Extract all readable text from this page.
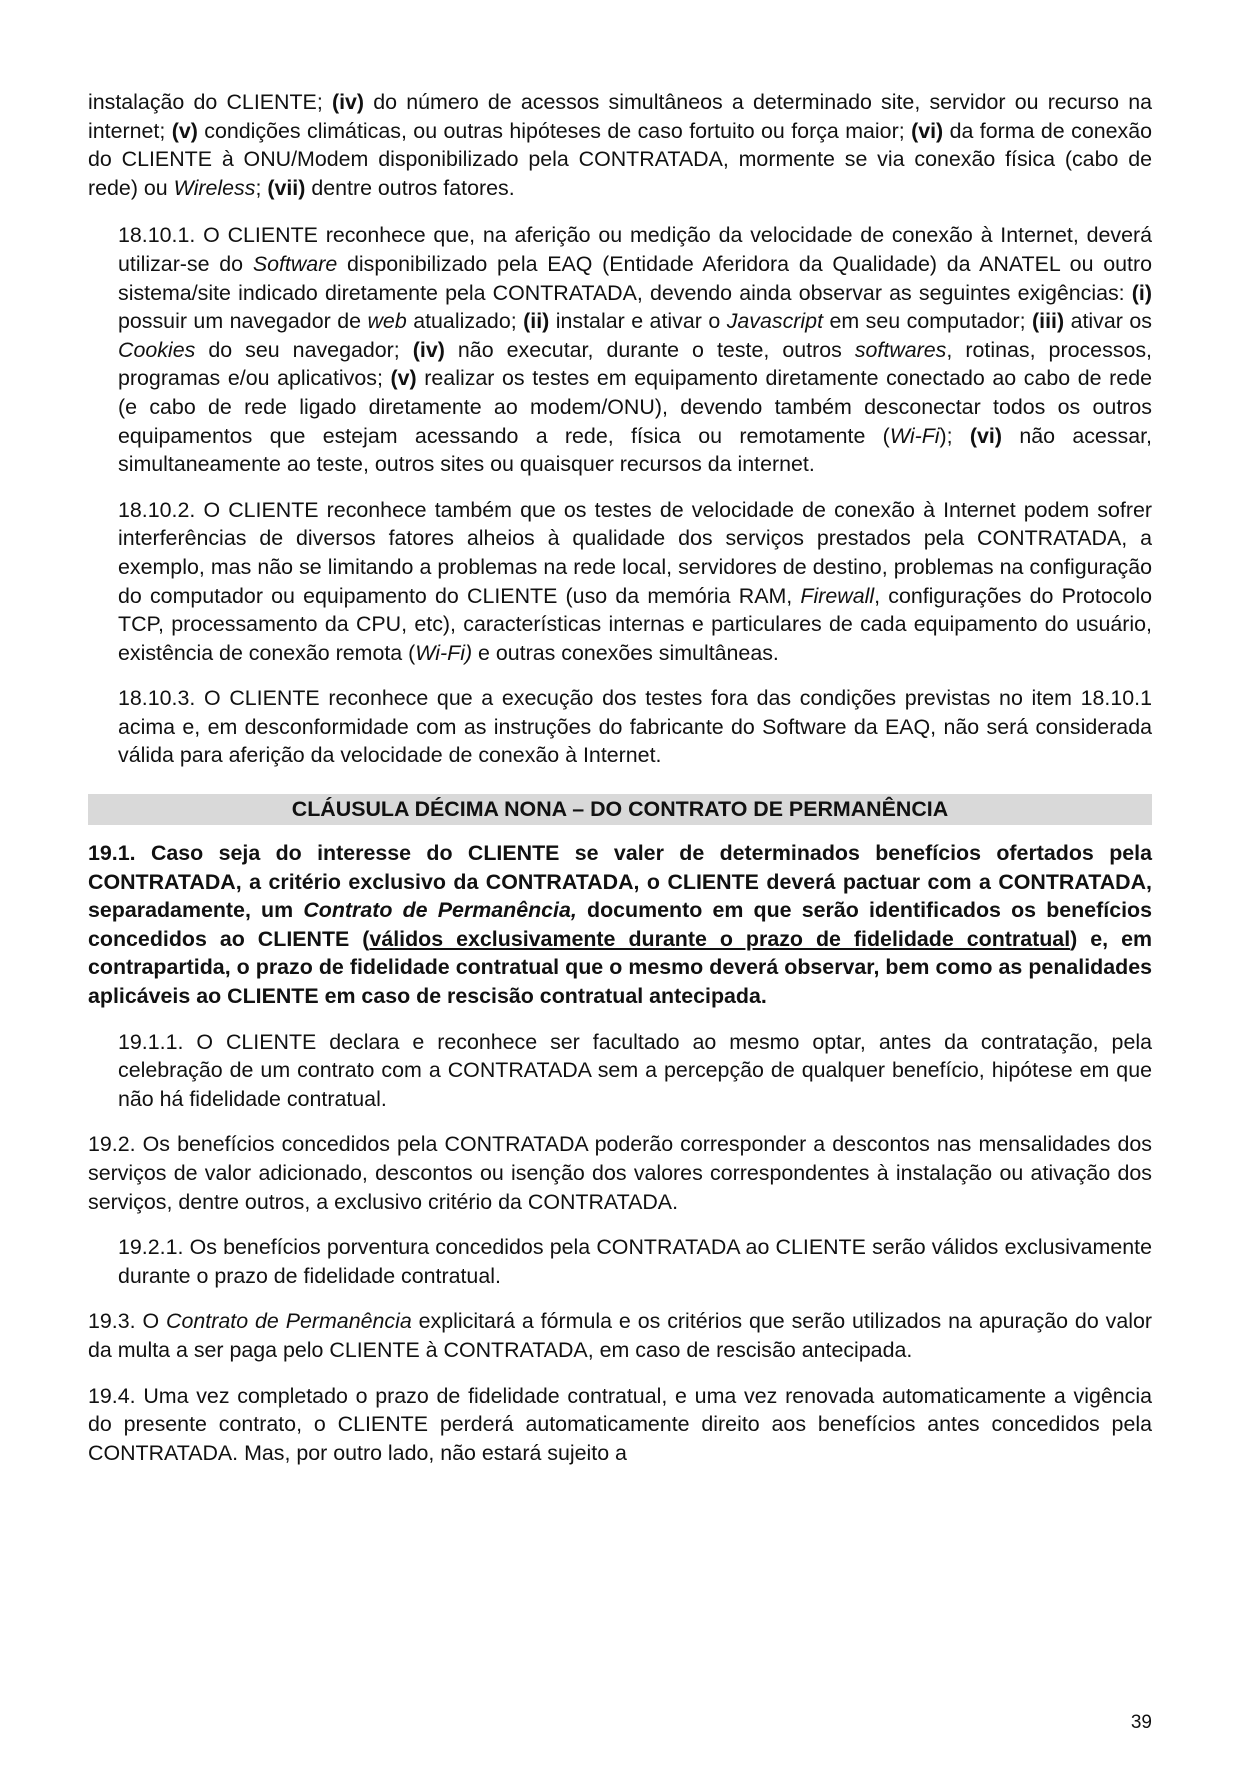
instalação do CLIENTE; (iv) do número de acessos simultâneos a determinado site, servidor ou recurso na internet; (v) condições climáticas, ou outras hipóteses de caso fortuito ou força maior; (vi) da forma de conexão do CLIENTE à ONU/Modem disponibilizado pela CONTRATADA, mormente se via conexão física (cabo de rede) ou Wireless; (vii) dentre outros fatores.

18.10.1. O CLIENTE reconhece que, na aferição ou medição da velocidade de conexão à Internet, deverá utilizar-se do Software disponibilizado pela EAQ (Entidade Aferidora da Qualidade) da ANATEL ou outro sistema/site indicado diretamente pela CONTRATADA, devendo ainda observar as seguintes exigências: (i) possuir um navegador de web atualizado; (ii) instalar e ativar o Javascript em seu computador; (iii) ativar os Cookies do seu navegador; (iv) não executar, durante o teste, outros softwares, rotinas, processos, programas e/ou aplicativos; (v) realizar os testes em equipamento diretamente conectado ao cabo de rede (e cabo de rede ligado diretamente ao modem/ONU), devendo também desconectar todos os outros equipamentos que estejam acessando a rede, física ou remotamente (Wi-Fi); (vi) não acessar, simultaneamente ao teste, outros sites ou quaisquer recursos da internet.

18.10.2. O CLIENTE reconhece também que os testes de velocidade de conexão à Internet podem sofrer interferências de diversos fatores alheios à qualidade dos serviços prestados pela CONTRATADA, a exemplo, mas não se limitando a problemas na rede local, servidores de destino, problemas na configuração do computador ou equipamento do CLIENTE (uso da memória RAM, Firewall, configurações do Protocolo TCP, processamento da CPU, etc), características internas e particulares de cada equipamento do usuário, existência de conexão remota (Wi-Fi) e outras conexões simultâneas.

18.10.3. O CLIENTE reconhece que a execução dos testes fora das condições previstas no item 18.10.1 acima e, em desconformidade com as instruções do fabricante do Software da EAQ, não será considerada válida para aferição da velocidade de conexão à Internet.

CLÁUSULA DÉCIMA NONA – DO CONTRATO DE PERMANÊNCIA

19.1. Caso seja do interesse do CLIENTE se valer de determinados benefícios ofertados pela CONTRATADA, a critério exclusivo da CONTRATADA, o CLIENTE deverá pactuar com a CONTRATADA, separadamente, um Contrato de Permanência, documento em que serão identificados os benefícios concedidos ao CLIENTE (válidos exclusivamente durante o prazo de fidelidade contratual) e, em contrapartida, o prazo de fidelidade contratual que o mesmo deverá observar, bem como as penalidades aplicáveis ao CLIENTE em caso de rescisão contratual antecipada.

19.1.1. O CLIENTE declara e reconhece ser facultado ao mesmo optar, antes da contratação, pela celebração de um contrato com a CONTRATADA sem a percepção de qualquer benefício, hipótese em que não há fidelidade contratual.

19.2. Os benefícios concedidos pela CONTRATADA poderão corresponder a descontos nas mensalidades dos serviços de valor adicionado, descontos ou isenção dos valores correspondentes à instalação ou ativação dos serviços, dentre outros, a exclusivo critério da CONTRATADA.

19.2.1. Os benefícios porventura concedidos pela CONTRATADA ao CLIENTE serão válidos exclusivamente durante o prazo de fidelidade contratual.

19.3. O Contrato de Permanência explicitará a fórmula e os critérios que serão utilizados na apuração do valor da multa a ser paga pelo CLIENTE à CONTRATADA, em caso de rescisão antecipada.

19.4. Uma vez completado o prazo de fidelidade contratual, e uma vez renovada automaticamente a vigência do presente contrato, o CLIENTE perderá automaticamente direito aos benefícios antes concedidos pela CONTRATADA. Mas, por outro lado, não estará sujeito a

39
